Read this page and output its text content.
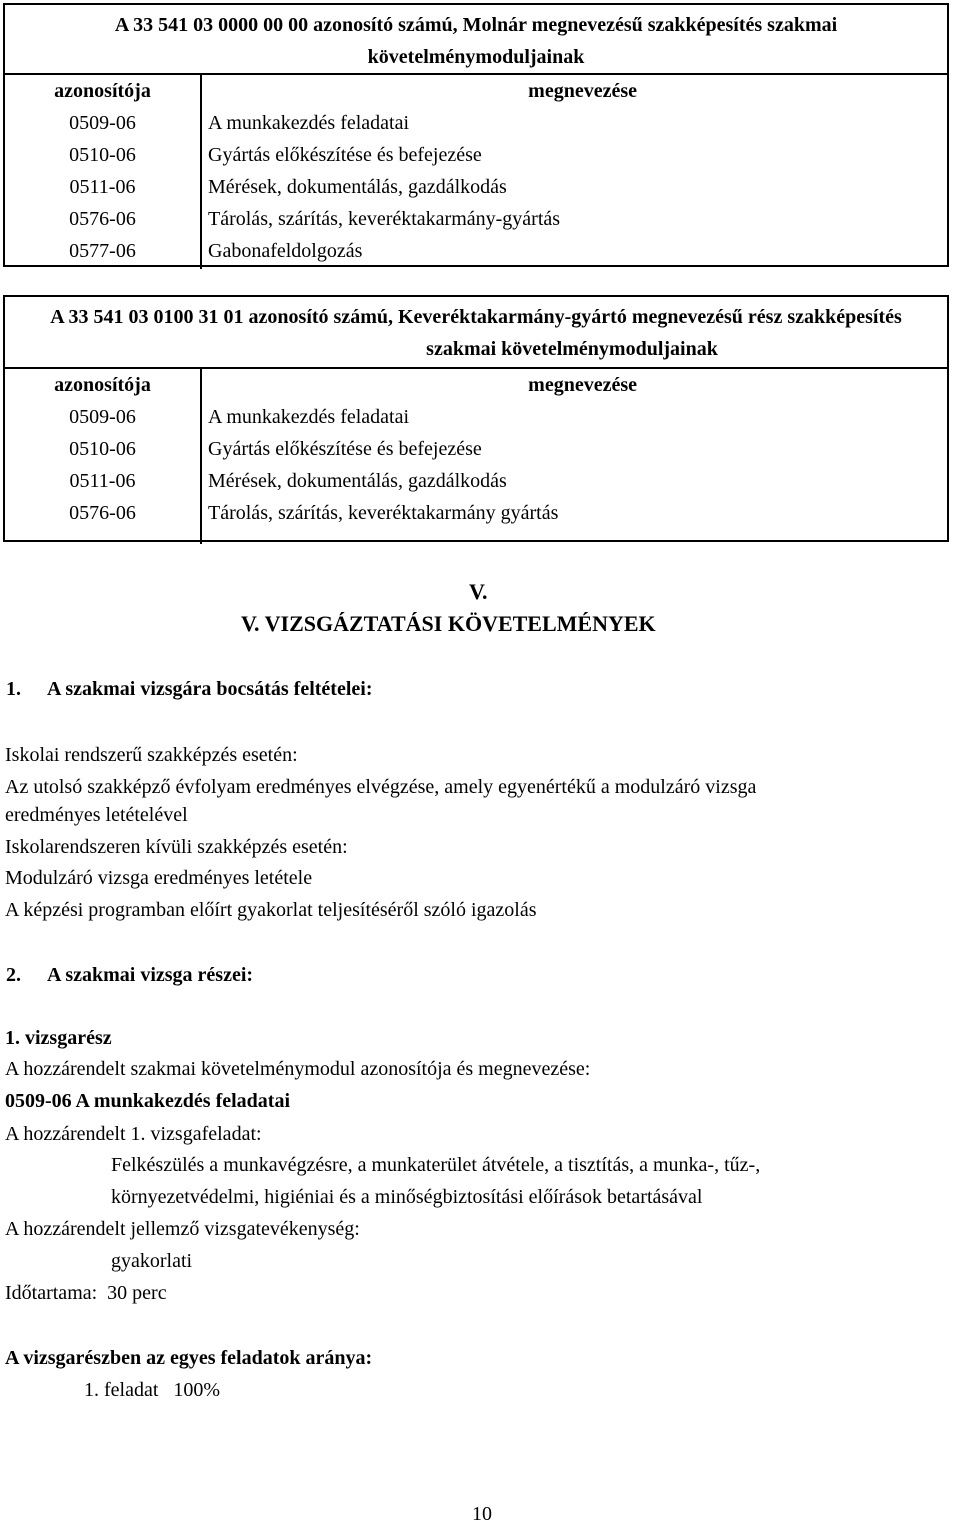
A 33 541 03 0000 00 00 azonosító számú, Molnár megnevezésű szakképesítés szakmai követelménymoduljainak
azonosítója	megnevezése
0509-06	A munkakezdés feladatai
0510-06	Gyártás előkészítése és befejezése
0511-06	Mérések, dokumentálás, gazdálkodás
0576-06	Tárolás, szárítás, keveréktakarmány-gyártás
0577-06	Gabonafeldolgozás
A 33 541 03 0100 31 01 azonosító számú, Keveréktakarmány-gyártó megnevezésű rész szakképesítés szakmai követelménymoduljainak
azonosítója	megnevezése
0509-06	A munkakezdés feladatai
0510-06	Gyártás előkészítése és befejezése
0511-06	Mérések, dokumentálás, gazdálkodás
0576-06	Tárolás, szárítás, keveréktakarmány gyártás
V.
V. VIZSGÁZTATÁSI KÖVETELMÉNYEK
1. A szakmai vizsgára bocsátás feltételei:
Iskolai rendszerű szakképzés esetén:
Az utolsó szakképző évfolyam eredményes elvégzése, amely egyenértékű a modulzáró vizsga
eredményes letételével
Iskolarendszeren kívüli szakképzés esetén:
Modulzáró vizsga eredményes letétele
A képzési programban előírt gyakorlat teljesítéséről szóló igazolás
2. A szakmai vizsga részei:
1. vizsgarész
A hozzárendelt szakmai követelménymodul azonosítója és megnevezése:
0509-06 A munkakezdés feladatai
A hozzárendelt 1. vizsgafeladat:
Felkészülés a munkavégzésre, a munkaterület átvétele, a tisztítás, a munka-, tűz-,
környezetvédelmi, higiéniai és a minőségbiztosítási előírások betartásával
A hozzárendelt jellemző vizsgatevékenység:
gyakorlati
Időtartama:  30 perc
A vizsgarészben az egyes feladatok aránya:
1. feladat   100%
10
